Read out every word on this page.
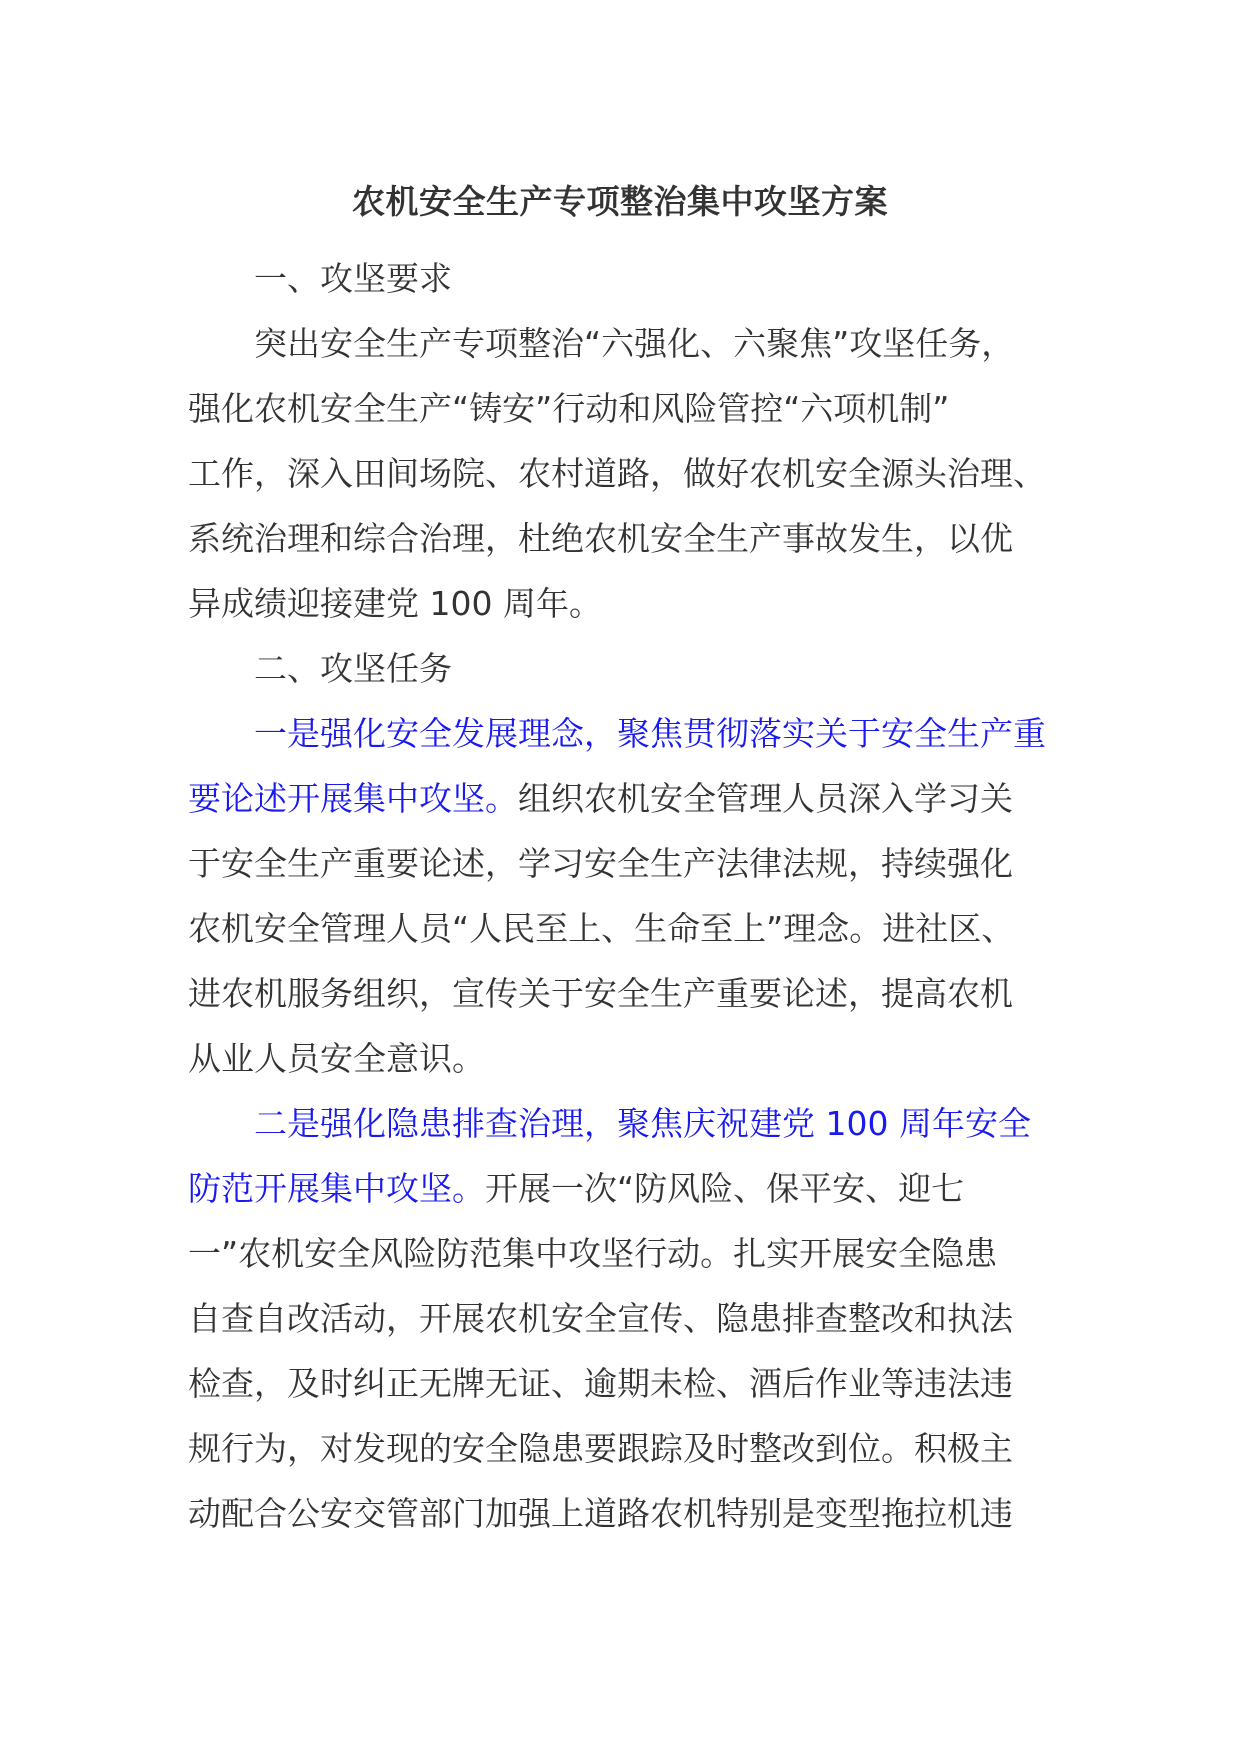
农机安全生产专项整治集中攻坚方案
一、攻坚要求
突出安全生产专项整治“六强化、六聚焦”攻坚任务，
强化农机安全生产“铸安”行动和风险管控“六项机制”
工作，深入田间场院、农村道路，做好农机安全源头治理、
系统治理和综合治理，杜绝农机安全生产事故发生，以优
异成绩迎接建党 100 周年。
二、攻坚任务
一是强化安全发展理念，聚焦贯彻落实关于安全生产重
要论述开展集中攻坚。组织农机安全管理人员深入学习关
于安全生产重要论述，学习安全生产法律法规，持续强化
农机安全管理人员“人民至上、生命至上”理念。进社区、
进农机服务组织，宣传关于安全生产重要论述，提高农机
从业人员安全意识。
二是强化隐患排查治理，聚焦庆祝建党 100 周年安全
防范开展集中攻坚。开展一次“防风险、保平安、迎七
一”农机安全风险防范集中攻坚行动。扎实开展安全隐患
自查自改活动，开展农机安全宣传、隐患排查整改和执法
检查，及时纠正无牌无证、逾期未检、酒后作业等违法违
规行为，对发现的安全隐患要跟踪及时整改到位。积极主
动配合公安交管部门加强上道路农机特别是变型拖拉机违
